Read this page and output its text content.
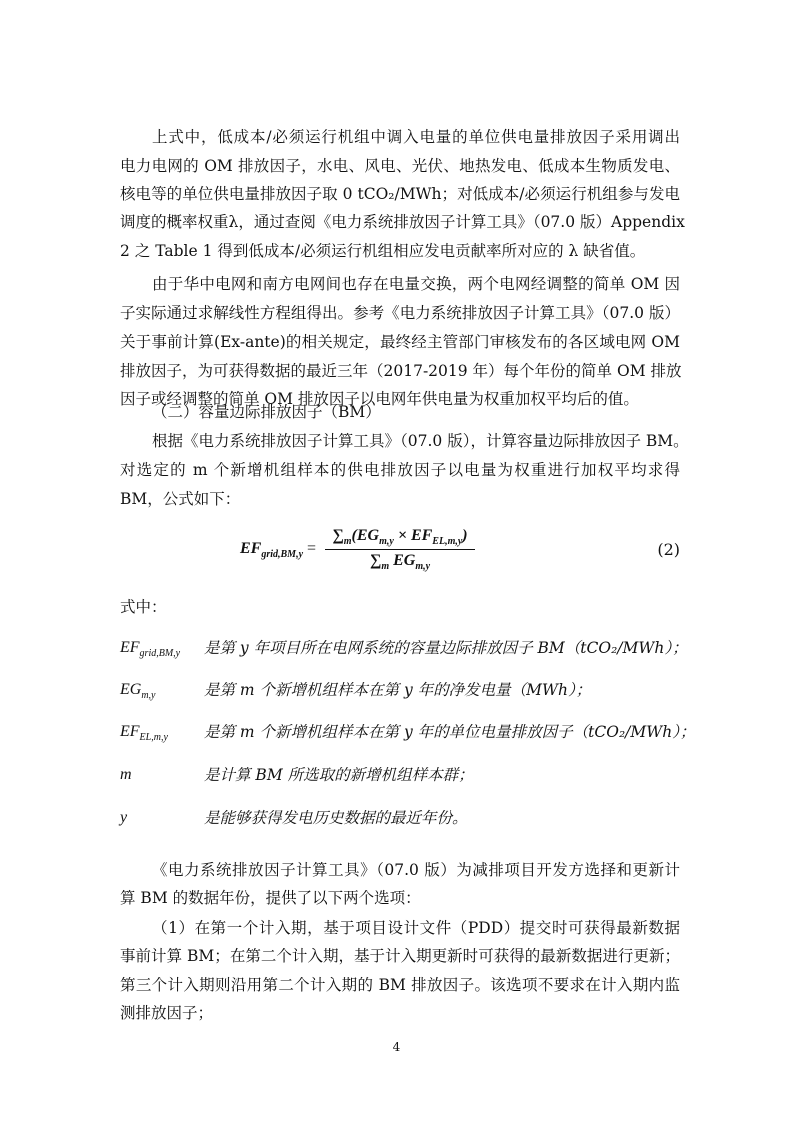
上式中，低成本/必须运行机组中调入电量的单位供电量排放因子采用调出
电力电网的 OM 排放因子，水电、风电、光伏、地热发电、低成本生物质发电、
核电等的单位供电量排放因子取 0 tCO₂/MWh；对低成本/必须运行机组参与发电
调度的概率权重λ，通过查阅《电力系统排放因子计算工具》（07.0 版）Appendix
2 之 Table 1 得到低成本/必须运行机组相应发电贡献率所对应的 λ 缺省值。
由于华中电网和南方电网间也存在电量交换，两个电网经调整的简单 OM 因
子实际通过求解线性方程组得出。参考《电力系统排放因子计算工具》（07.0 版）
关于事前计算(Ex-ante)的相关规定，最终经主管部门审核发布的各区域电网 OM
排放因子，为可获得数据的最近三年（2017-2019 年）每个年份的简单 OM 排放
因子或经调整的简单 OM 排放因子以电网年供电量为权重加权平均后的值。
（二）容量边际排放因子（BM）
根据《电力系统排放因子计算工具》（07.0 版），计算容量边际排放因子 BM。
对选定的 m 个新增机组样本的供电排放因子以电量为权重进行加权平均求得
BM，公式如下：
$EF_{grid,BM,y}$ =
$\sum_m(EG_{m,y} \times EF_{EL,m,y})$
$\sum_m$ $EG_{m,y}$
(2)
式中：
$EF_{grid,BM,y}$ 是第 y 年项目所在电网系统的容量边际排放因子 BM（tCO₂/MWh）；
$EG_{m,y}$	是第 m 个新增机组样本在第 y 年的净发电量（MWh）；
$EF_{EL,m,y}$ 是第 m 个新增机组样本在第 y 年的单位电量排放因子（tCO₂/MWh）；
m	是计算 BM 所选取的新增机组样本群；
y	是能够获得发电历史数据的最近年份。
《电力系统排放因子计算工具》（07.0 版）为减排项目开发方选择和更新计
算 BM 的数据年份，提供了以下两个选项：
（1）在第一个计入期，基于项目设计文件（PDD）提交时可获得最新数据
事前计算 BM；在第二个计入期，基于计入期更新时可获得的最新数据进行更新；
第三个计入期则沿用第二个计入期的 BM 排放因子。该选项不要求在计入期内监
测排放因子；
4
